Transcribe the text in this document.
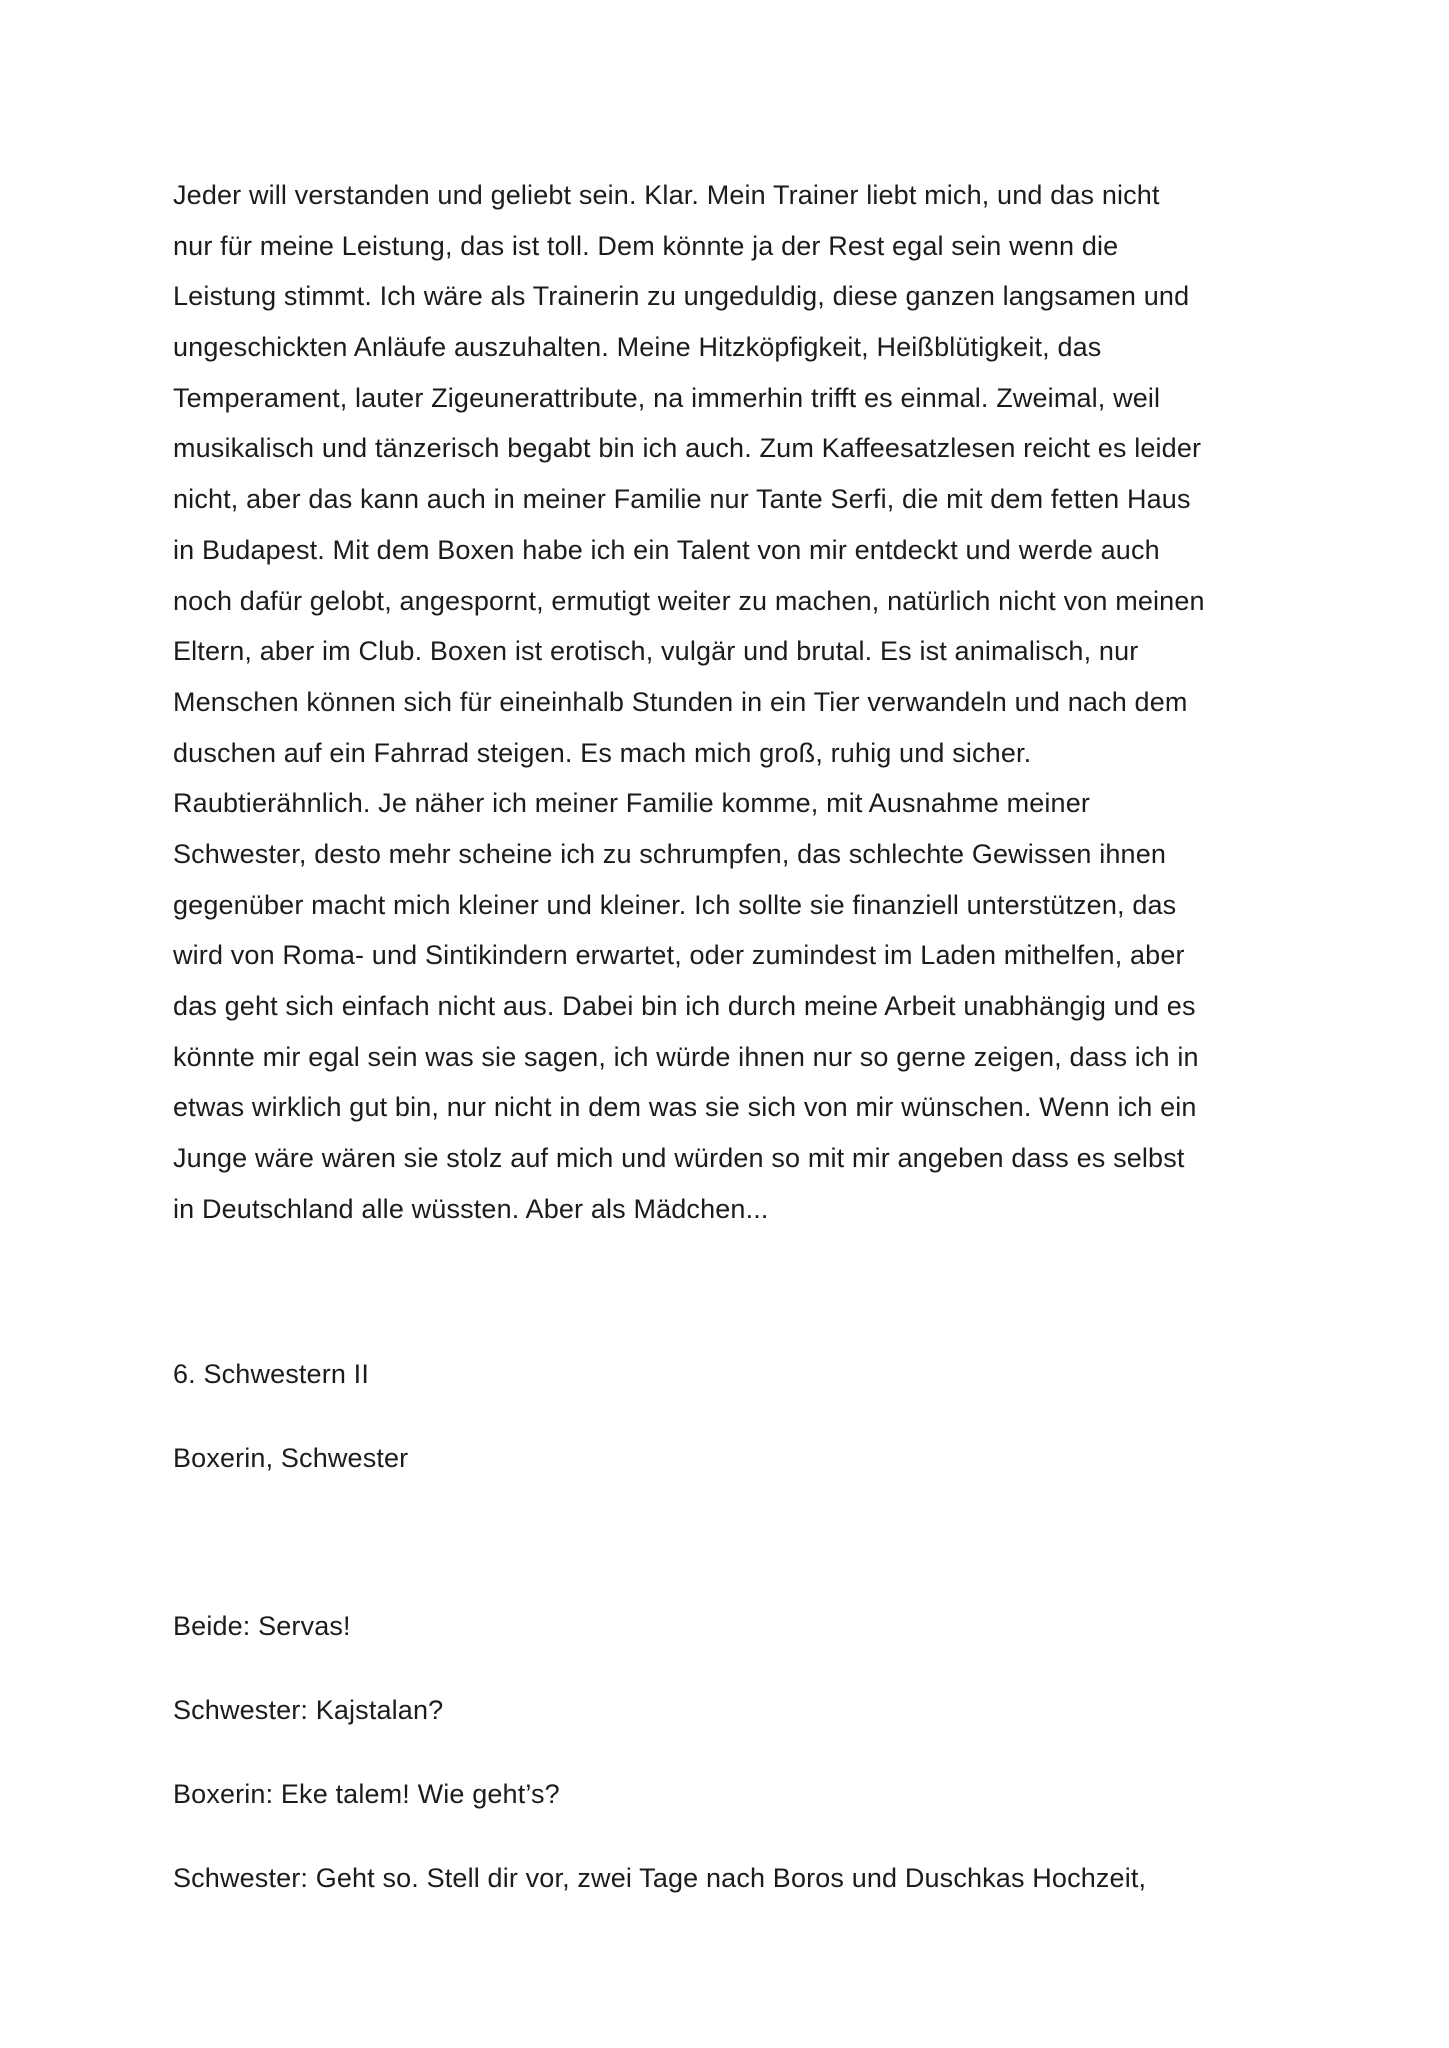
Jeder will verstanden und geliebt sein. Klar. Mein Trainer liebt mich, und das nicht
nur für meine Leistung, das ist toll. Dem könnte ja der Rest egal sein wenn die
Leistung stimmt. Ich wäre als Trainerin zu ungeduldig, diese ganzen langsamen und
ungeschickten Anläufe auszuhalten. Meine Hitzköpfigkeit, Heißblütigkeit, das
Temperament, lauter Zigeunerattribute, na immerhin trifft es einmal. Zweimal, weil
musikalisch und tänzerisch begabt bin ich auch. Zum Kaffeesatzlesen reicht es leider
nicht, aber das kann auch in meiner Familie nur Tante Serfi, die mit dem fetten Haus
in Budapest. Mit dem Boxen habe ich ein Talent von mir entdeckt und werde auch
noch dafür gelobt, angespornt, ermutigt weiter zu machen, natürlich nicht von meinen
Eltern, aber im Club. Boxen ist erotisch, vulgär und brutal. Es ist animalisch, nur
Menschen können sich für eineinhalb Stunden in ein Tier verwandeln und nach dem
duschen auf ein Fahrrad steigen. Es mach mich groß, ruhig und sicher.
Raubtierähnlich. Je näher ich meiner Familie komme, mit Ausnahme meiner
Schwester, desto mehr scheine ich zu schrumpfen, das schlechte Gewissen ihnen
gegenüber macht mich kleiner und kleiner. Ich sollte sie finanziell unterstützen, das
wird von Roma- und Sintikindern erwartet, oder zumindest im Laden mithelfen, aber
das geht sich einfach nicht aus. Dabei bin ich durch meine Arbeit unabhängig und es
könnte mir egal sein was sie sagen, ich würde ihnen nur so gerne zeigen, dass ich in
etwas wirklich gut bin, nur nicht in dem was sie sich von mir wünschen. Wenn ich ein
Junge wäre wären sie stolz auf mich und würden so mit mir angeben dass es selbst
in Deutschland alle wüssten. Aber als Mädchen...

6. Schwestern II

Boxerin, Schwester

Beide: Servas!

Schwester: Kajstalan?

Boxerin: Eke talem! Wie geht’s?

Schwester: Geht so. Stell dir vor, zwei Tage nach Boros und Duschkas Hochzeit,
